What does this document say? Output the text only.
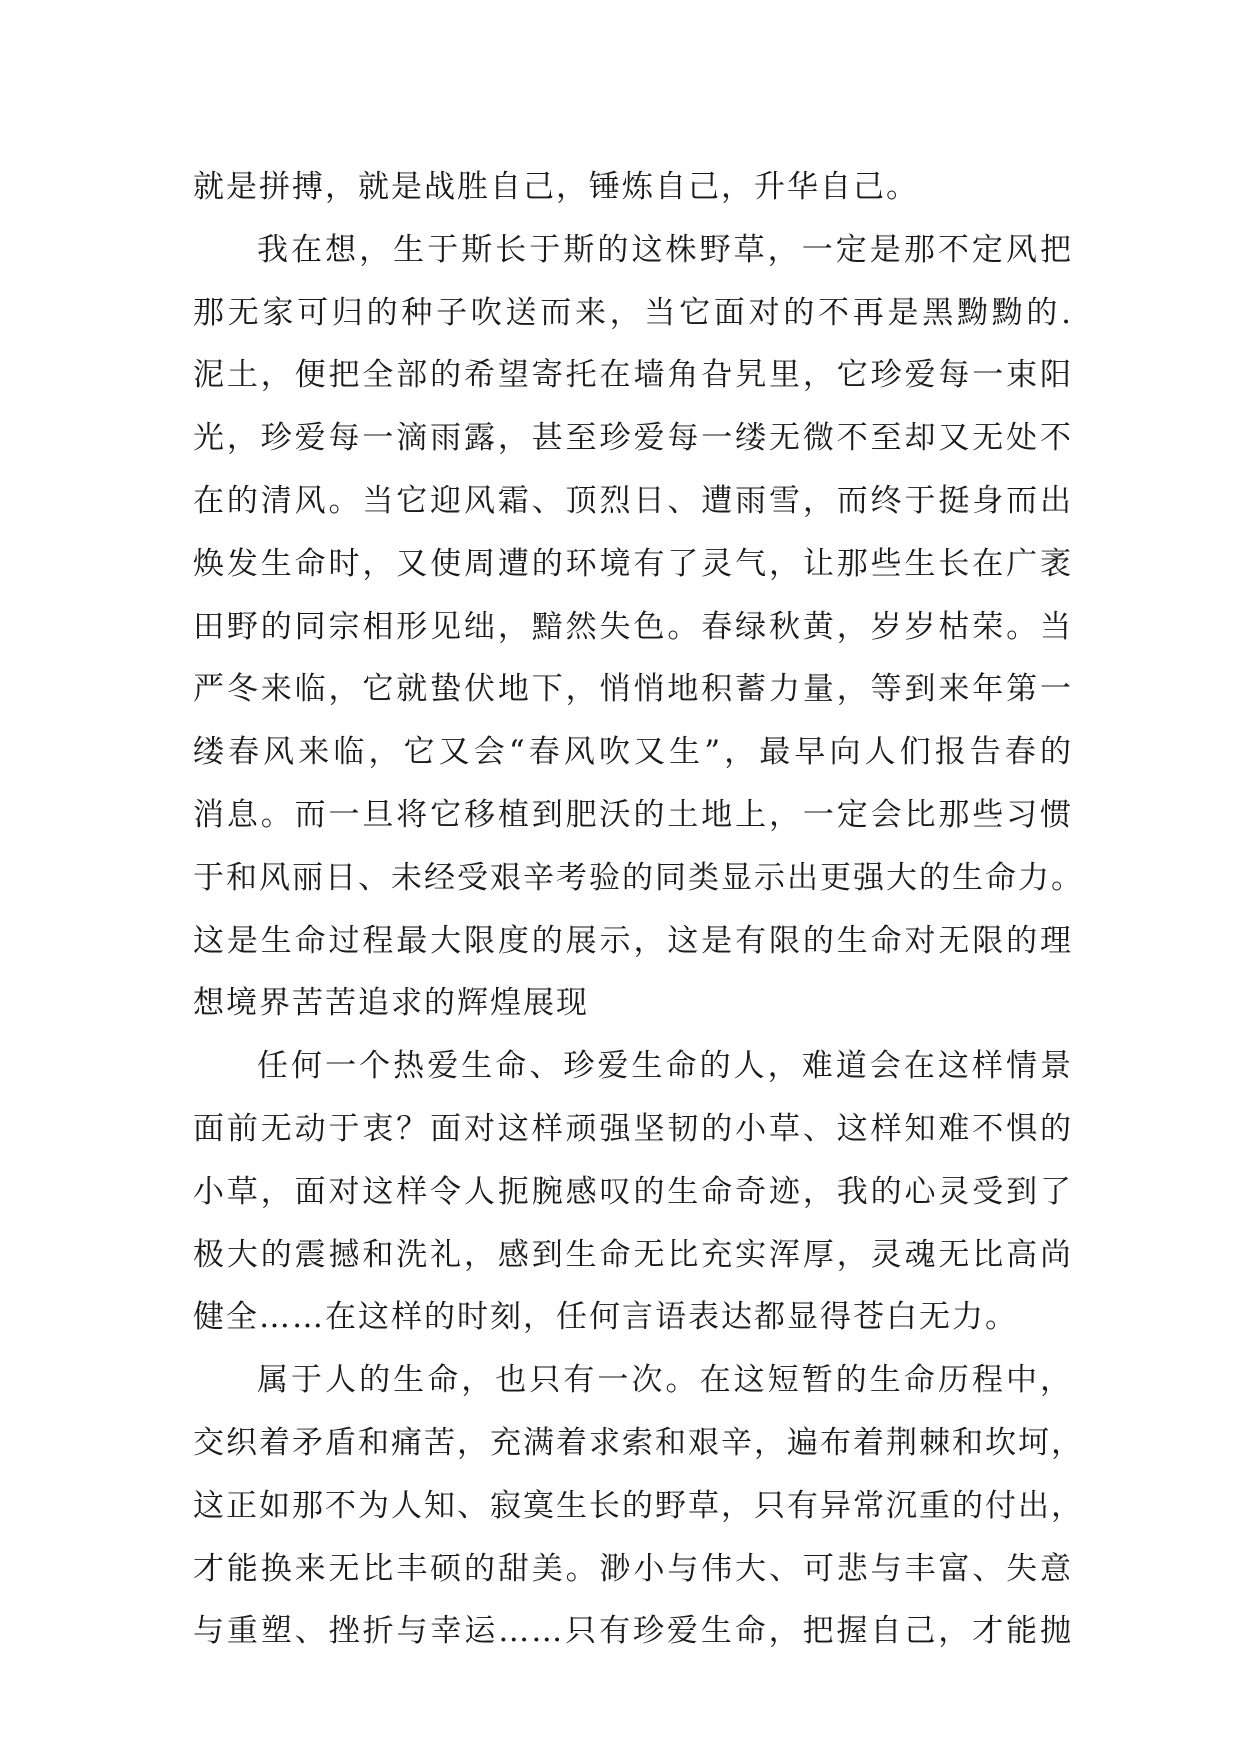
就是拼搏，就是战胜自己，锤炼自己，升华自己。
我在想，生于斯长于斯的这株野草，一定是那不定风把
那无家可归的种子吹送而来，当它面对的不再是黑黝黝的.
泥土，便把全部的希望寄托在墙角旮旯里，它珍爱每一束阳
光，珍爱每一滴雨露，甚至珍爱每一缕无微不至却又无处不
在的清风。当它迎风霜、顶烈日、遭雨雪，而终于挺身而出
焕发生命时，又使周遭的环境有了灵气，让那些生长在广袤
田野的同宗相形见绌，黯然失色。春绿秋黄，岁岁枯荣。当
严冬来临，它就蛰伏地下，悄悄地积蓄力量，等到来年第一
缕春风来临，它又会“春风吹又生”，最早向人们报告春的
消息。而一旦将它移植到肥沃的土地上，一定会比那些习惯
于和风丽日、未经受艰辛考验的同类显示出更强大的生命力。
这是生命过程最大限度的展示，这是有限的生命对无限的理
想境界苦苦追求的辉煌展现
任何一个热爱生命、珍爱生命的人，难道会在这样情景
面前无动于衷？面对这样顽强坚韧的小草、这样知难不惧的
小草，面对这样令人扼腕感叹的生命奇迹，我的心灵受到了
极大的震撼和洗礼，感到生命无比充实浑厚，灵魂无比高尚
健全……在这样的时刻，任何言语表达都显得苍白无力。
属于人的生命，也只有一次。在这短暂的生命历程中，
交织着矛盾和痛苦，充满着求索和艰辛，遍布着荆棘和坎坷，
这正如那不为人知、寂寞生长的野草，只有异常沉重的付出，
才能换来无比丰硕的甜美。渺小与伟大、可悲与丰富、失意
与重塑、挫折与幸运……只有珍爱生命，把握自己，才能抛
